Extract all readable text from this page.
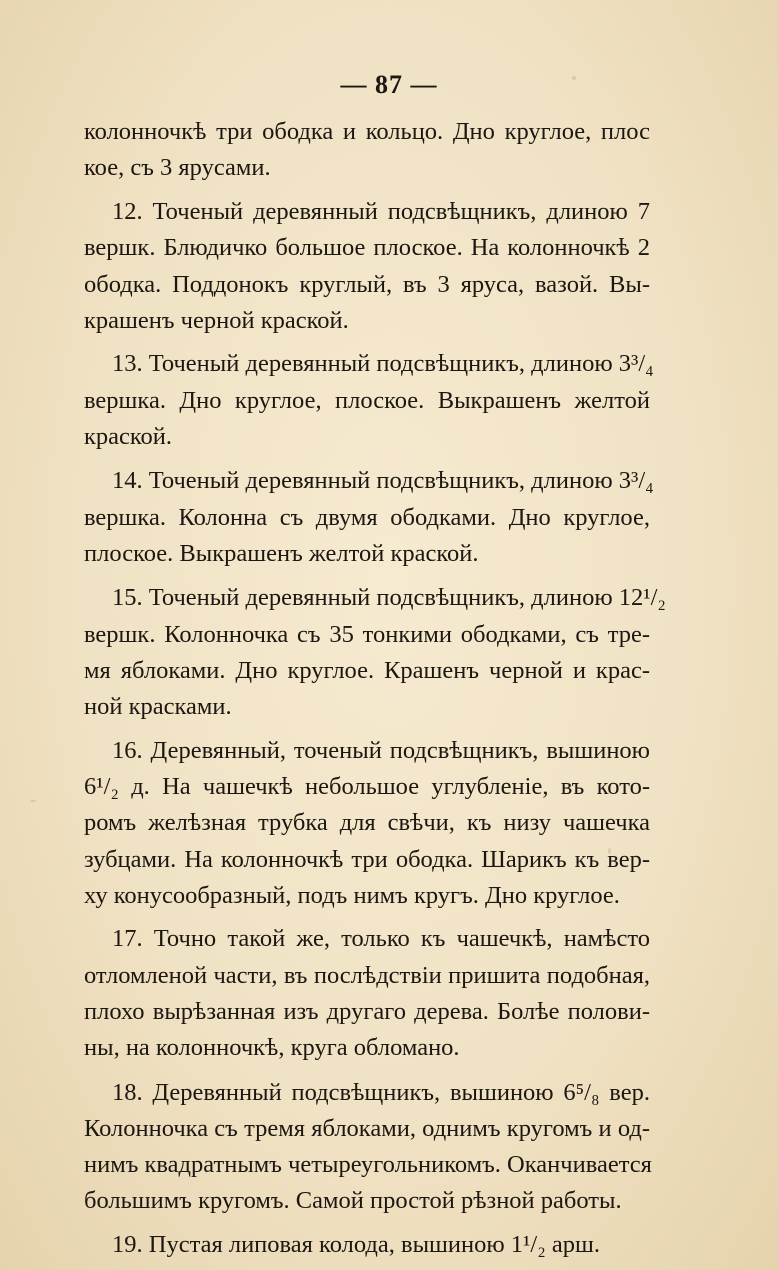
— 87 —
колонночкѣ три ободка и кольцо. Дно круглое, плос
кое, съ 3 ярусами.
12. Точеный деревянный подсвѣщникъ, длиною 7
вершк. Блюдичко большое плоское. На колонночкѣ 2
ободка. Поддонокъ круглый, въ 3 яруса, вазой. Вы-
крашенъ черной краской.
13. Точеный деревянный подсвѣщникъ, длиною 3³/₄
вершка. Дно круглое, плоское. Выкрашенъ желтой
краской.
14. Точеный деревянный подсвѣщникъ, длиною 3³/₄
вершка. Колонна съ двумя ободками. Дно круглое,
плоское. Выкрашенъ желтой краской.
15. Точеный деревянный подсвѣщникъ, длиною 12¹/₂
вершк. Колонночка съ 35 тонкими ободками, съ тре-
мя яблоками. Дно круглое. Крашенъ черной и крас-
ной красками.
16. Деревянный, точеный подсвѣщникъ, вышиною
6¹/₂ д. На чашечкѣ небольшое углубленіе, въ кото-
ромъ желѣзная трубка для свѣчи, къ низу чашечка
зубцами. На колонночкѣ три ободка. Шарикъ къ вер-
ху конусообразный, подъ нимъ кругъ. Дно круглое.
17. Точно такой же, только къ чашечкѣ, намѣсто
отломленой части, въ послѣдствіи пришита подобная,
плохо вырѣзанная изъ другаго дерева. Болѣе полови-
ны, на колонночкѣ, круга обломано.
18. Деревянный подсвѣщникъ, вышиною 6⁵/₈ вер.
Колонночка съ тремя яблоками, однимъ кругомъ и од-
нимъ квадратнымъ четыреугольникомъ. Оканчивается
большимъ кругомъ. Самой простой рѣзной работы.
19. Пустая липовая колода, вышиною 1¹/₂ арш.
